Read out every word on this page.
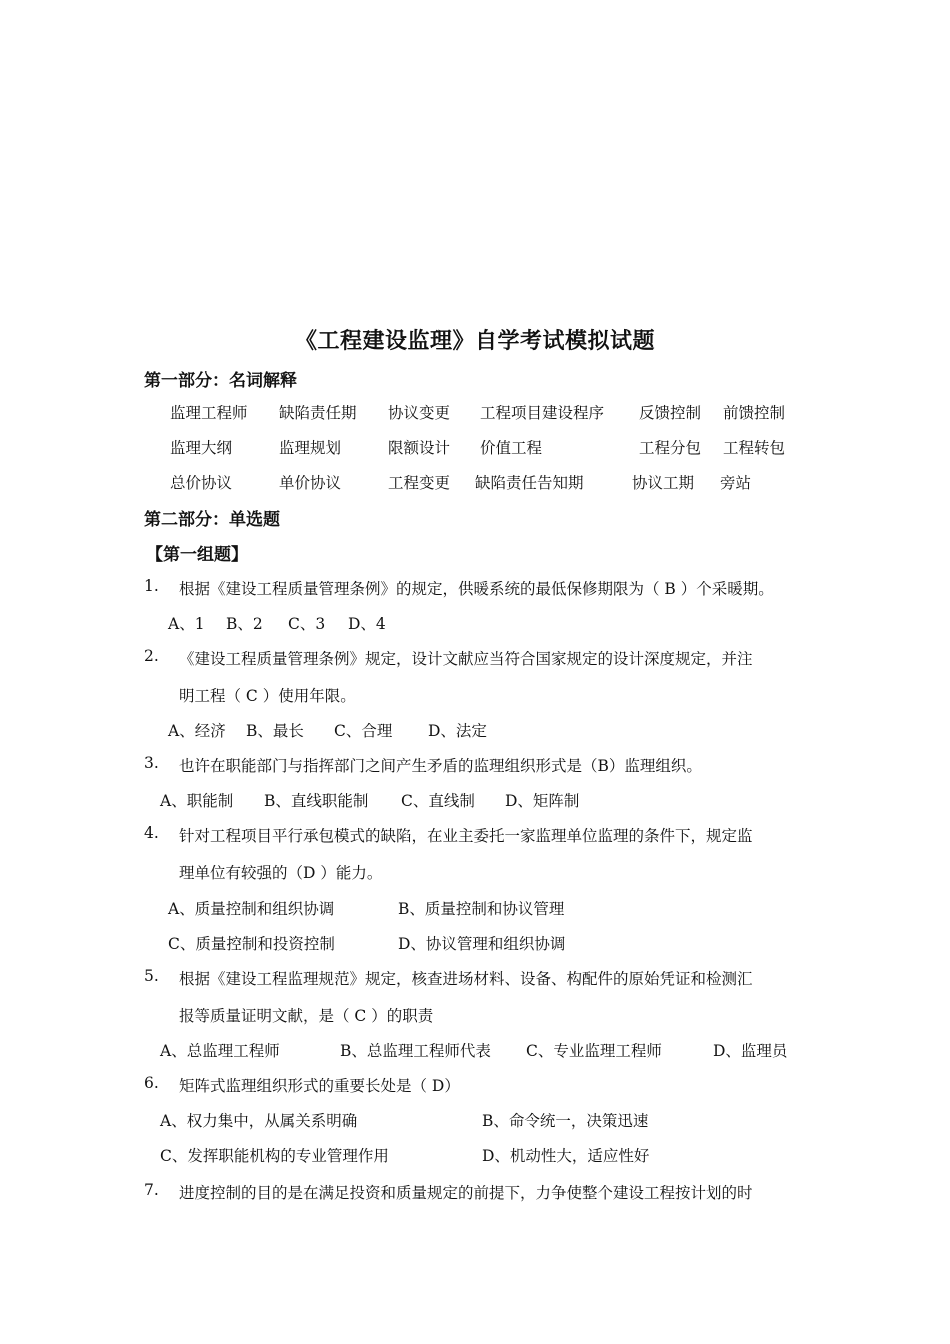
《工程建设监理》自学考试模拟试题
第一部分：名词解释
监理工程师 缺陷责任期 协议变更 工程项目建设程序 反馈控制 前馈控制
监理大纲	监理规划	限额设计 价值工程	工程分包 工程转包
总价协议	单价协议	工程变更 缺陷责任告知期	协议工期 旁站
第二部分：单选题
【第一组题】
1. 根据《建设工程质量管理条例》的规定，供暖系统的最低保修期限为（ B ）个采暖期。
A、1 B、2 C、3 D、4
2. 《建设工程质量管理条例》规定，设计文献应当符合国家规定的设计深度规定，并注
明工程（ C ）使用年限。
A、经济 B、最长 C、合理 D、法定
3. 也许在职能部门与指挥部门之间产生矛盾的监理组织形式是（B）监理组织。
A、职能制 B、直线职能制 C、直线制 D、矩阵制
4. 针对工程项目平行承包模式的缺陷，在业主委托一家监理单位监理的条件下，规定监
理单位有较强的（D ）能力。
A、质量控制和组织协调	B、质量控制和协议管理
C、质量控制和投资控制	D、协议管理和组织协调
5. 根据《建设工程监理规范》规定，核查进场材料、设备、构配件的原始凭证和检测汇
报等质量证明文献，是（ C ）的职责
A、总监理工程师	B、总监理工程师代表 C、专业监理工程师	D、监理员
6. 矩阵式监理组织形式的重要长处是（ D）
A、权力集中，从属关系明确	B、命令统一，决策迅速
C、发挥职能机构的专业管理作用	D、机动性大，适应性好
7. 进度控制的目的是在满足投资和质量规定的前提下，力争使整个建设工程按计划的时
